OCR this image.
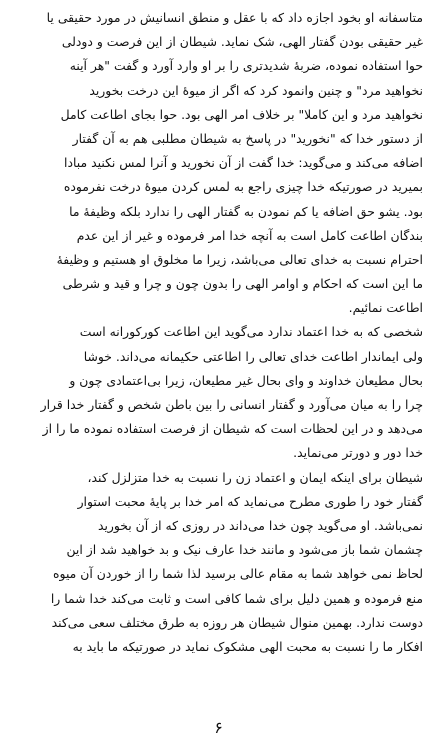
متاسفانه او بخود اجازه داد که با عقل و منطق انسانیش در مورد حقیقی یا
غیر حقیقی بودن گفتار الهی، شک نماید. شیطان از این فرصت و دودلی
حوا استفاده نموده، ضربهٔ شدیدتری را بر او وارد آورد و گفت "هر آینه
نخواهید مرد" و چنین وانمود کرد که اگر از میوهٔ این درخت بخورید
نخواهید مرد و این کاملا" بر خلاف امر الهی بود. حوا بجای اطاعت کامل
از دستور خدا که "نخورید" در پاسخ به شیطان مطلبی هم به آن گفتار
اضافه می‌کند و می‌گوید: خدا گفت از آن نخورید و آنرا لمس نکنید مبادا
بمیرید در صورتیکه خدا چیزی راجع به لمس کردن میوهٔ درخت نفرموده
بود. یشو حق اضافه یا کم نمودن به گفتار الهی را ندارد بلکه وظیفهٔ ما
بندگان اطاعت کامل است به آنچه خدا امر فرموده و غیر از این عدم
احترام نسبت به خدای تعالی می‌باشد، زیرا ما مخلوق او هستیم و وظیفهٔ
ما این است که احکام و اوامر الهی را بدون چون و چرا و قید و شرطی
اطاعت نمائیم.
شخصی که به خدا اعتماد ندارد می‌گوید این اطاعت کورکورانه است
ولی ایماندار اطاعت خدای تعالی را اطاعتی حکیمانه می‌داند. خوشا
بحال مطیعان خداوند و وای بحال غیر مطیعان، زیرا بی‌اعتمادی چون و
چرا را به میان می‌آورد و گفتار انسانی را بین باطن شخص و گفتار خدا قرار
می‌دهد و در این لحظات است که شیطان از فرصت استفاده نموده ما را از
خدا دور و دورتر می‌نماید.
شیطان برای اینکه ایمان و اعتماد زن را نسبت به خدا متزلزل کند،
گفتار خود را طوری مطرح می‌نماید که امر خدا بر پایهٔ محبت استوار
نمی‌باشد. او می‌گوید چون خدا می‌داند در روزی که از آن بخورید
چشمان شما باز می‌شود و مانند خدا عارف نیک و بد خواهید شد از این
لحاظ نمی خواهد شما به مقام عالی برسید لذا شما را از خوردن آن میوه
منع فرموده و همین دلیل برای شما کافی است و ثابت می‌کند خدا شما را
دوست ندارد. بهمین منوال شیطان هر روزه به طرق مختلف سعی می‌کند
افکار ما را نسبت به محبت الهی مشکوک نماید در صورتیکه ما باید به
۶
